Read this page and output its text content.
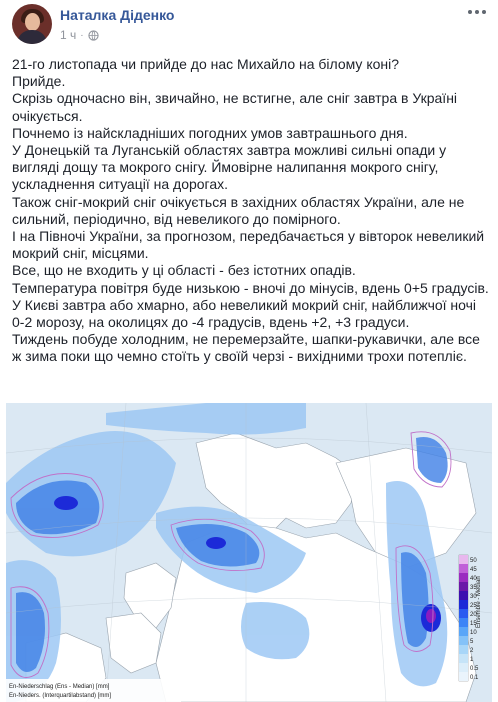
Наталка Діденко
1 ч ·

21-го листопада чи прийде до нас Михайло на білому коні?

Прийде.

Скрізь одночасно він, звичайно, не встигне, але сніг завтра в Україні очікується.

Почнемо із найскладніших погодних умов завтрашнього дня.

У Донецькій та Луганській областях завтра можливі сильні опади у вигляді дощу та мокрого снігу. Ймовірне налипання мокрого снігу, ускладнення ситуації на дорогах.

Також сніг-мокрий сніг очікується в західних областях України, але не сильний, періодично, від невеликого до помірного.

І на Півночі України, за прогнозом, передбачається у вівторок невеликий мокрий сніг, місцями.

Все, що не входить у ці області - без істотних опадів.

Температура повітря буде низькою - вночі до мінусів, вдень 0+5 градусів.

У Києві завтра або хмарно, або невеликий мокрий сніг, найближчої ночі 0-2 морозу, на околицях до -4 градусів, вдень +2, +3 градуси.

Тиждень побуде холодним, не перемерзайте, шапки-рукавички, але все ж зима поки що чемно стоїть у своїй черзі - вихідними трохи потепліє.

50
45
40
35
30
25
20
15
10
5
2
1
0.5
0.1
Ensemble - Median
En-Niederschlag (Ens - Median) [mm]
En-Nieders. (Interquartilabstand) [mm]
